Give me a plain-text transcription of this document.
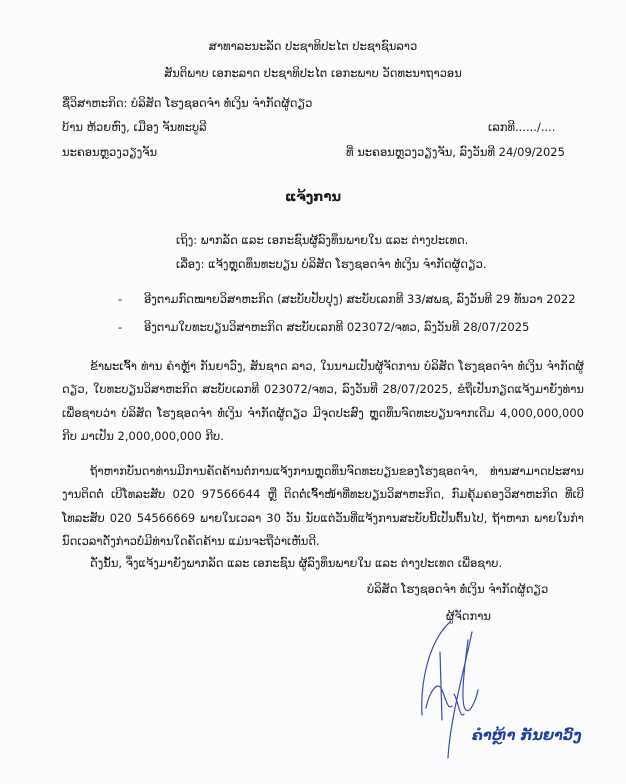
ສາທາລະນະລັດ ປະຊາທິປະໄຕ ປະຊາຊົນລາວ
ສັນຕິພາບ ເອກະລາດ ປະຊາທິປະໄຕ ເອກະພາບ ວັດທະນາຖາວອນ
ຊື່ວິສາຫະກິດ: ບໍລິສັດ ໂຮງຊອດຈໍາ ທໍ່ເງິນ ຈໍາກັດຜູ້ດຽວ
ບ້ານ ຫ້ວຍຫົງ, ເມືອງ ຈັນທະບູລີ
ນະຄອນຫຼວງວຽງຈັນ
ເລກທີ....../....
ທີ່ ນະຄອນຫຼວງວຽງຈັນ, ລົງວັນທີ 24/09/2025
ແຈ້ງການ
ເຖິງ: ພາກລັດ ແລະ ເອກະຊົນຜູ້ລົງທຶນພາຍໃນ ແລະ ຕ່າງປະເທດ.
ເລື່ອງ: ແຈ້ງຫຼຸດທຶນທະບຽນ ບໍລິສັດ ໂຮງຊອດຈໍາ ທໍ່ເງິນ ຈໍາກັດຜູ້ດຽວ.
- ອີງຕາມກົດໝາຍວິສາຫະກິດ (ສະບັບປັບປຸງ) ສະບັບເລກທີ 33/ສພຊ, ລົງວັນທີ 29 ທັນວາ 2022
- ອີງຕາມໃບທະບຽນວິສາຫະກິດ ສະບັບເລກທີ 023072/ຈທວ, ລົງວັນທີ 28/07/2025
ຂ້າພະເຈົ້າ ທ່ານ ຄໍາຫຼ້າ ກັນຍາວົງ, ສັນຊາດ ລາວ, ໃນນາມເປັນຜູ້ຈັດການ ບໍລິສັດ ໂຮງຊອດຈໍາ ທໍ່ເງິນ ຈໍາກັດຜູ້ດຽວ, ໃບທະບຽນວິສາຫະກິດ ສະບັບເລກທີ 023072/ຈທວ, ລົງວັນທີ 28/07/2025, ຂໍຖືເປັນກຽດແຈ້ງມາຍັງທ່ານ ເພື່ອຊາບວ່າ ບໍລິສັດ ໂຮງຊອດຈໍາ ທໍ່ເງິນ ຈໍາກັດຜູ້ດຽວ ມີຈຸດປະສົງ ຫຼຸດທຶນຈົດທະບຽນຈາກເດີມ 4,000,000,000 ກີບ ມາເປັນ 2,000,000,000 ກີບ.
ຖ້າຫາກບັນດາທ່ານມີການຄັດຄ້ານຕໍ່ການແຈ້ງການຫຼຸດທຶນຈົດທະບຽນຂອງໂຮງຊອດຈໍາ, ທ່ານສາມາດປະສານງານຕິດຕໍ່ ເບີໂທລະສັບ 020 97566644 ຫຼື ຕິດຕໍ່ເຈົ້າໜ້າທີ່ທະບຽນວິສາຫະກິດ, ກົມຄຸ້ມຄອງວິສາຫະກິດ ທີ່ເບີໂທລະສັບ 020 54566669 ພາຍໃນເວລາ 30 ວັນ ນັບແຕ່ວັນທີ່ແຈ້ງການສະບັບນີ້ເປັນຕົ້ນໄປ, ຖ້າຫາກ ພາຍໃນກໍານົດເວລາດັ່ງກ່າວບໍ່ມີທ່ານໃດຄັດຄ້ານ ແມ່ນຈະຖືວ່າເຫັນດີ.
ດັ່ງນັ້ນ, ຈຶ່ງແຈ້ງມາຍັງພາກລັດ ແລະ ເອກະຊົນ ຜູ້ລົງທຶນພາຍໃນ ແລະ ຕ່າງປະເທດ ເພື່ອຊາບ.
ບໍລິສັດ ໂຮງຊອດຈໍາ ທໍ່ເງິນ ຈໍາກັດຜູ້ດຽວ
ຜູ້ຈັດການ
ຄໍາຫຼ້າ ກັນຍາວົງ
